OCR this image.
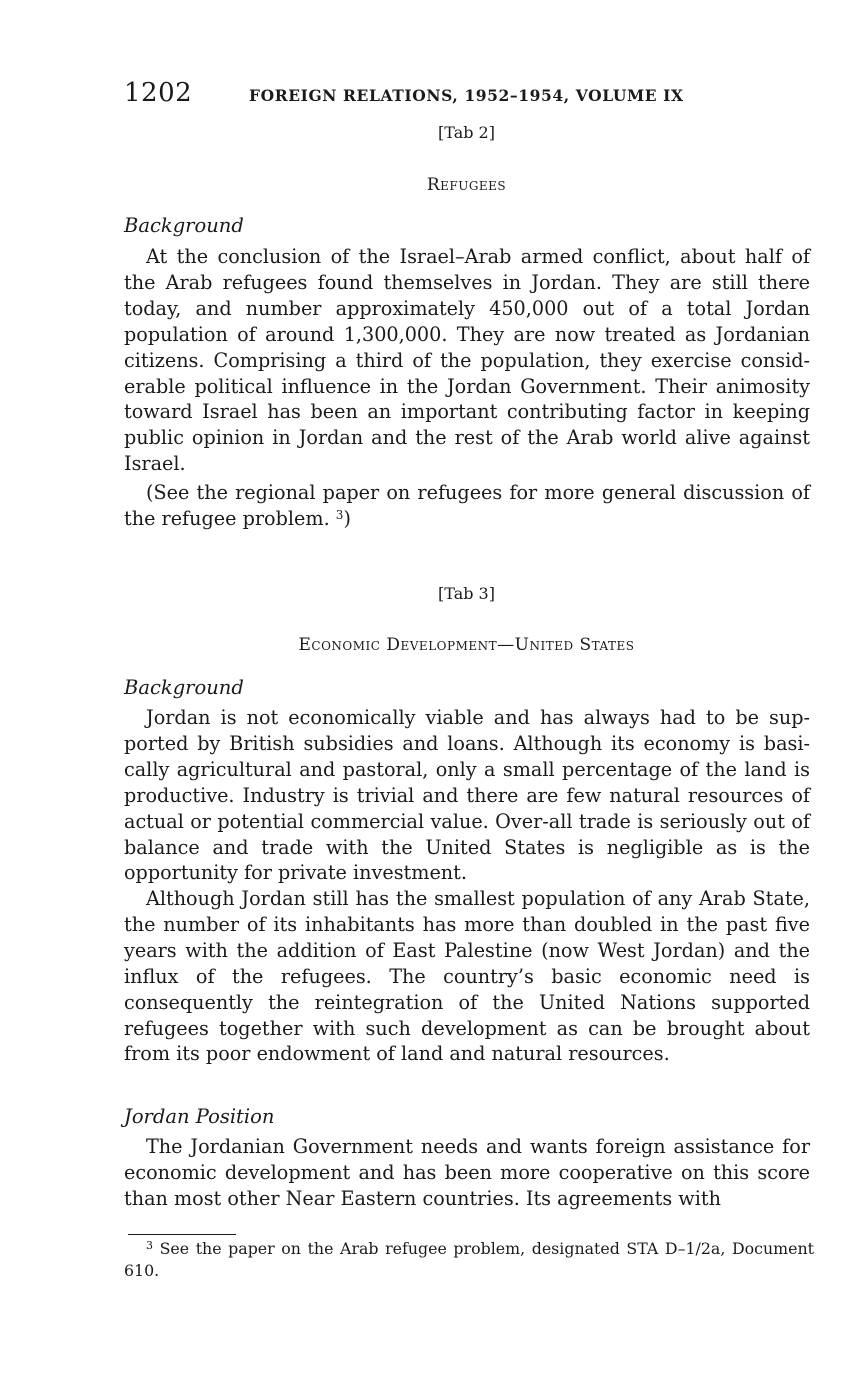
1202	FOREIGN RELATIONS, 1952–1954, VOLUME IX
[Tab 2]
Refugees
Background

At the conclusion of the Israel–Arab armed conflict, about half of the Arab refugees found themselves in Jordan. They are still there today, and number approximately 450,000 out of a total Jordan population of around 1,300,000. They are now treated as Jordanian citizens. Comprising a third of the population, they exercise considerable political influence in the Jordan Government. Their animosity toward Israel has been an important contributing factor in keeping public opinion in Jordan and the rest of the Arab world alive against Israel.

(See the regional paper on refugees for more general discussion of the refugee problem. $^3$)

[Tab 3]
Economic Development—United States
Background

Jordan is not economically viable and has always had to be supported by British subsidies and loans. Although its economy is basically agricultural and pastoral, only a small percentage of the land is productive. Industry is trivial and there are few natural resources of actual or potential commercial value. Over-all trade is seriously out of balance and trade with the United States is negligible as is the opportunity for private investment.

Although Jordan still has the smallest population of any Arab State, the number of its inhabitants has more than doubled in the past five years with the addition of East Palestine (now West Jordan) and the influx of the refugees. The country’s basic economic need is consequently the reintegration of the United Nations supported refugees together with such development as can be brought about from its poor endowment of land and natural resources.

Jordan Position

The Jordanian Government needs and wants foreign assistance for economic development and has been more cooperative on this score than most other Near Eastern countries. Its agreements with

$^3$ See the paper on the Arab refugee problem, designated STA D–1/2a, Document 610.
